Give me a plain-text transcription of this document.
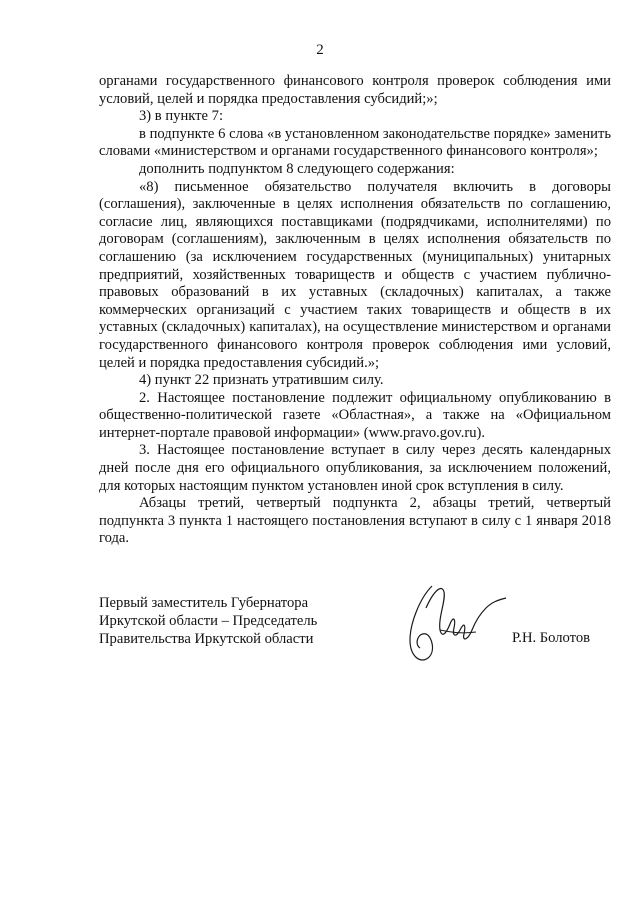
2

органами государственного финансового контроля проверок соблюдения ими условий, целей и порядка предоставления субсидий;»;

3) в пункте 7:

в подпункте 6 слова «в установленном законодательстве порядке» заменить словами «министерством и органами государственного финансового контроля»;

дополнить подпунктом 8 следующего содержания:

«8) письменное обязательство получателя включить в договоры (соглашения), заключенные в целях исполнения обязательств по соглашению, согласие лиц, являющихся поставщиками (подрядчиками, исполнителями) по договорам (соглашениям), заключенным в целях исполнения обязательств по соглашению (за исключением государственных (муниципальных) унитарных предприятий, хозяйственных товариществ и обществ с участием публично-правовых образований в их уставных (складочных) капиталах, а также коммерческих организаций с участием таких товариществ и обществ в их уставных (складочных) капиталах), на осуществление министерством и органами государственного финансового контроля проверок соблюдения ими условий, целей и порядка предоставления субсидий.»;

4) пункт 22 признать утратившим силу.

2. Настоящее постановление подлежит официальному опубликованию в общественно-политической газете «Областная», а также на «Официальном интернет-портале правовой информации» (www.pravo.gov.ru).

3. Настоящее постановление вступает в силу через десять календарных дней после дня его официального опубликования, за исключением положений, для которых настоящим пунктом установлен иной срок вступления в силу.

Абзацы третий, четвертый подпункта 2, абзацы третий, четвертый подпункта 3 пункта 1 настоящего постановления вступают в силу с 1 января 2018 года.

Первый заместитель Губернатора
Иркутской области – Председатель
Правительства Иркутской области	Р.Н. Болотов
